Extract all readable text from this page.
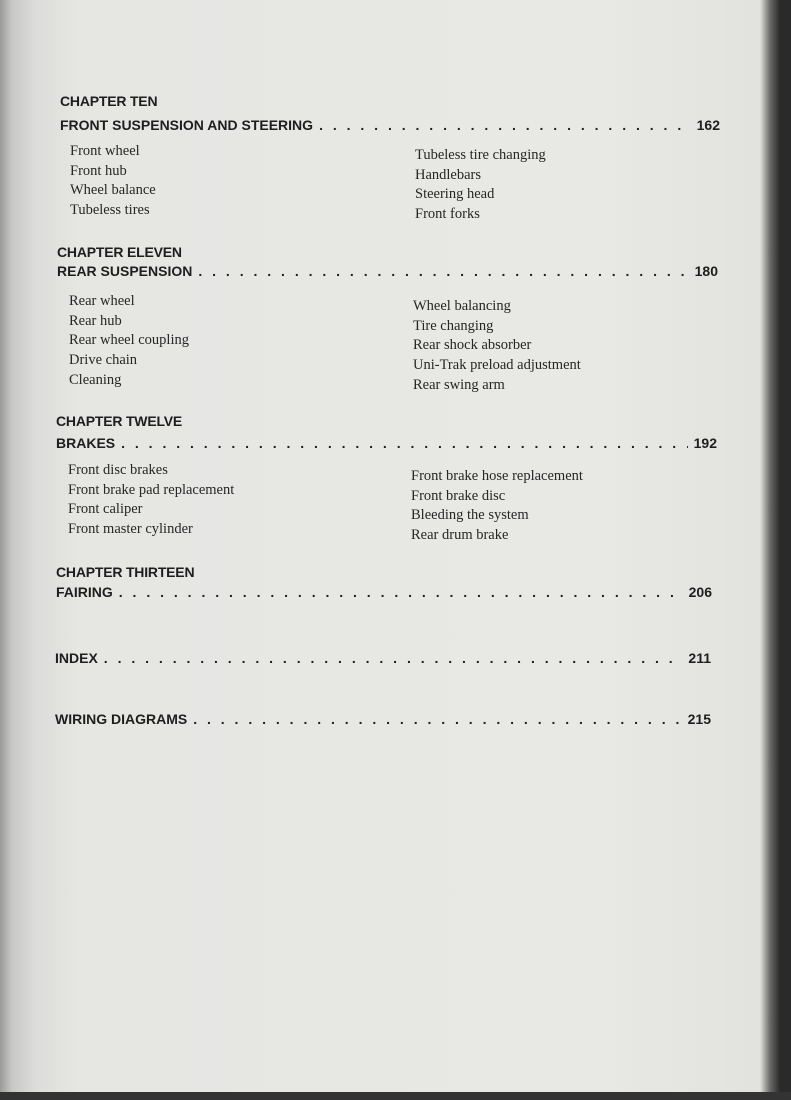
CHAPTER TEN
FRONT SUSPENSION AND STEERING . . .	162
Front wheel
Front hub
Wheel balance
Tubeless tires
Tubeless tire changing
Handlebars
Steering head
Front forks
CHAPTER ELEVEN
REAR SUSPENSION . . .	180
Rear wheel
Rear hub
Rear wheel coupling
Drive chain
Cleaning
Wheel balancing
Tire changing
Rear shock absorber
Uni-Trak preload adjustment
Rear swing arm
CHAPTER TWELVE
BRAKES . . .	192
Front disc brakes
Front brake pad replacement
Front caliper
Front master cylinder
Front brake hose replacement
Front brake disc
Bleeding the system
Rear drum brake
CHAPTER THIRTEEN
FAIRING . . .	206
INDEX . . .	211
WIRING DIAGRAMS . . .	215
